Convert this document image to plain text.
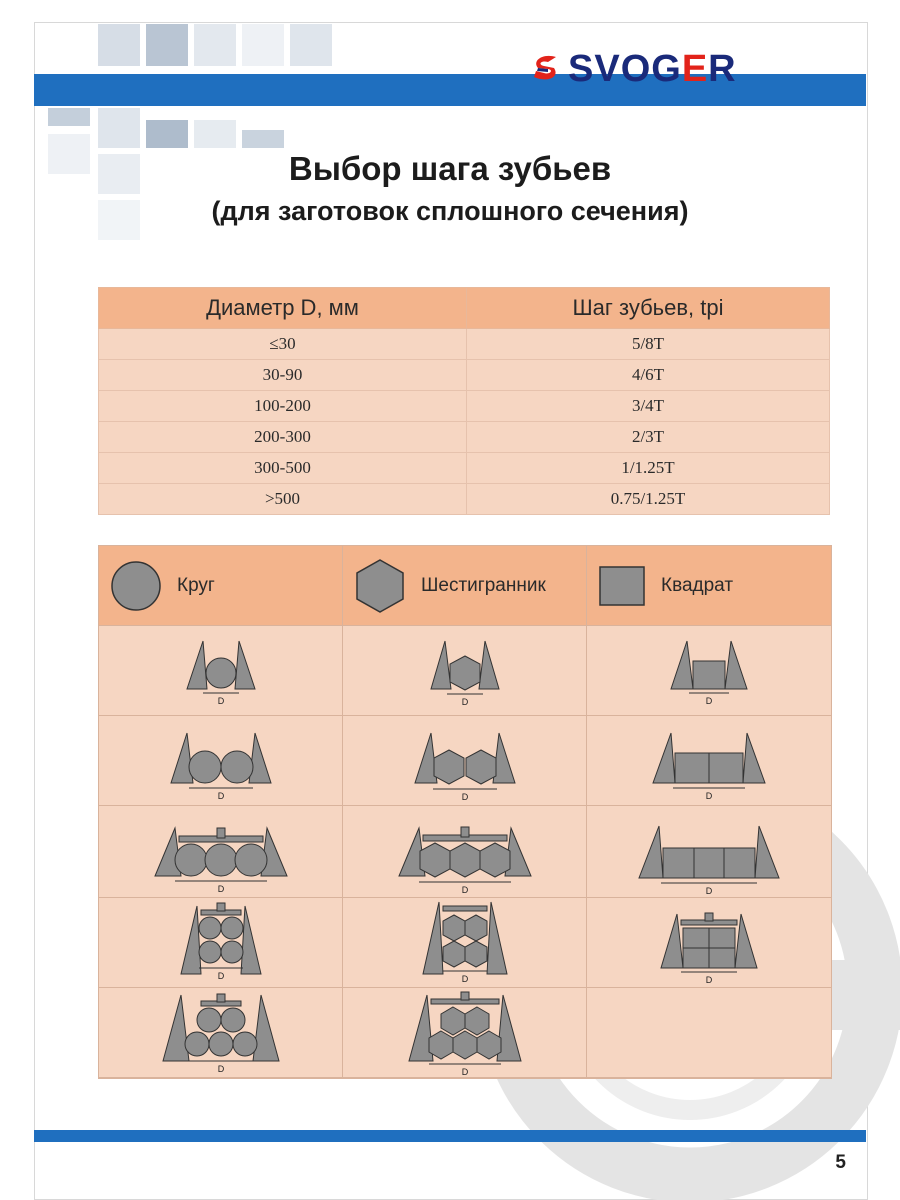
SVOGER
Выбор шага зубьев
(для заготовок сплошного сечения)
Диаметр D, мм	Шаг зубьев, tpi
≤30	5/8T
30-90	4/6T
100-200	3/4T
200-300	2/3T
300-500	1/1.25T
>500	0.75/1.25T
Круг	Шестигранник	Квадрат
D	D	D
D	D	D
D	D	D
D	D	D
D	D
5
